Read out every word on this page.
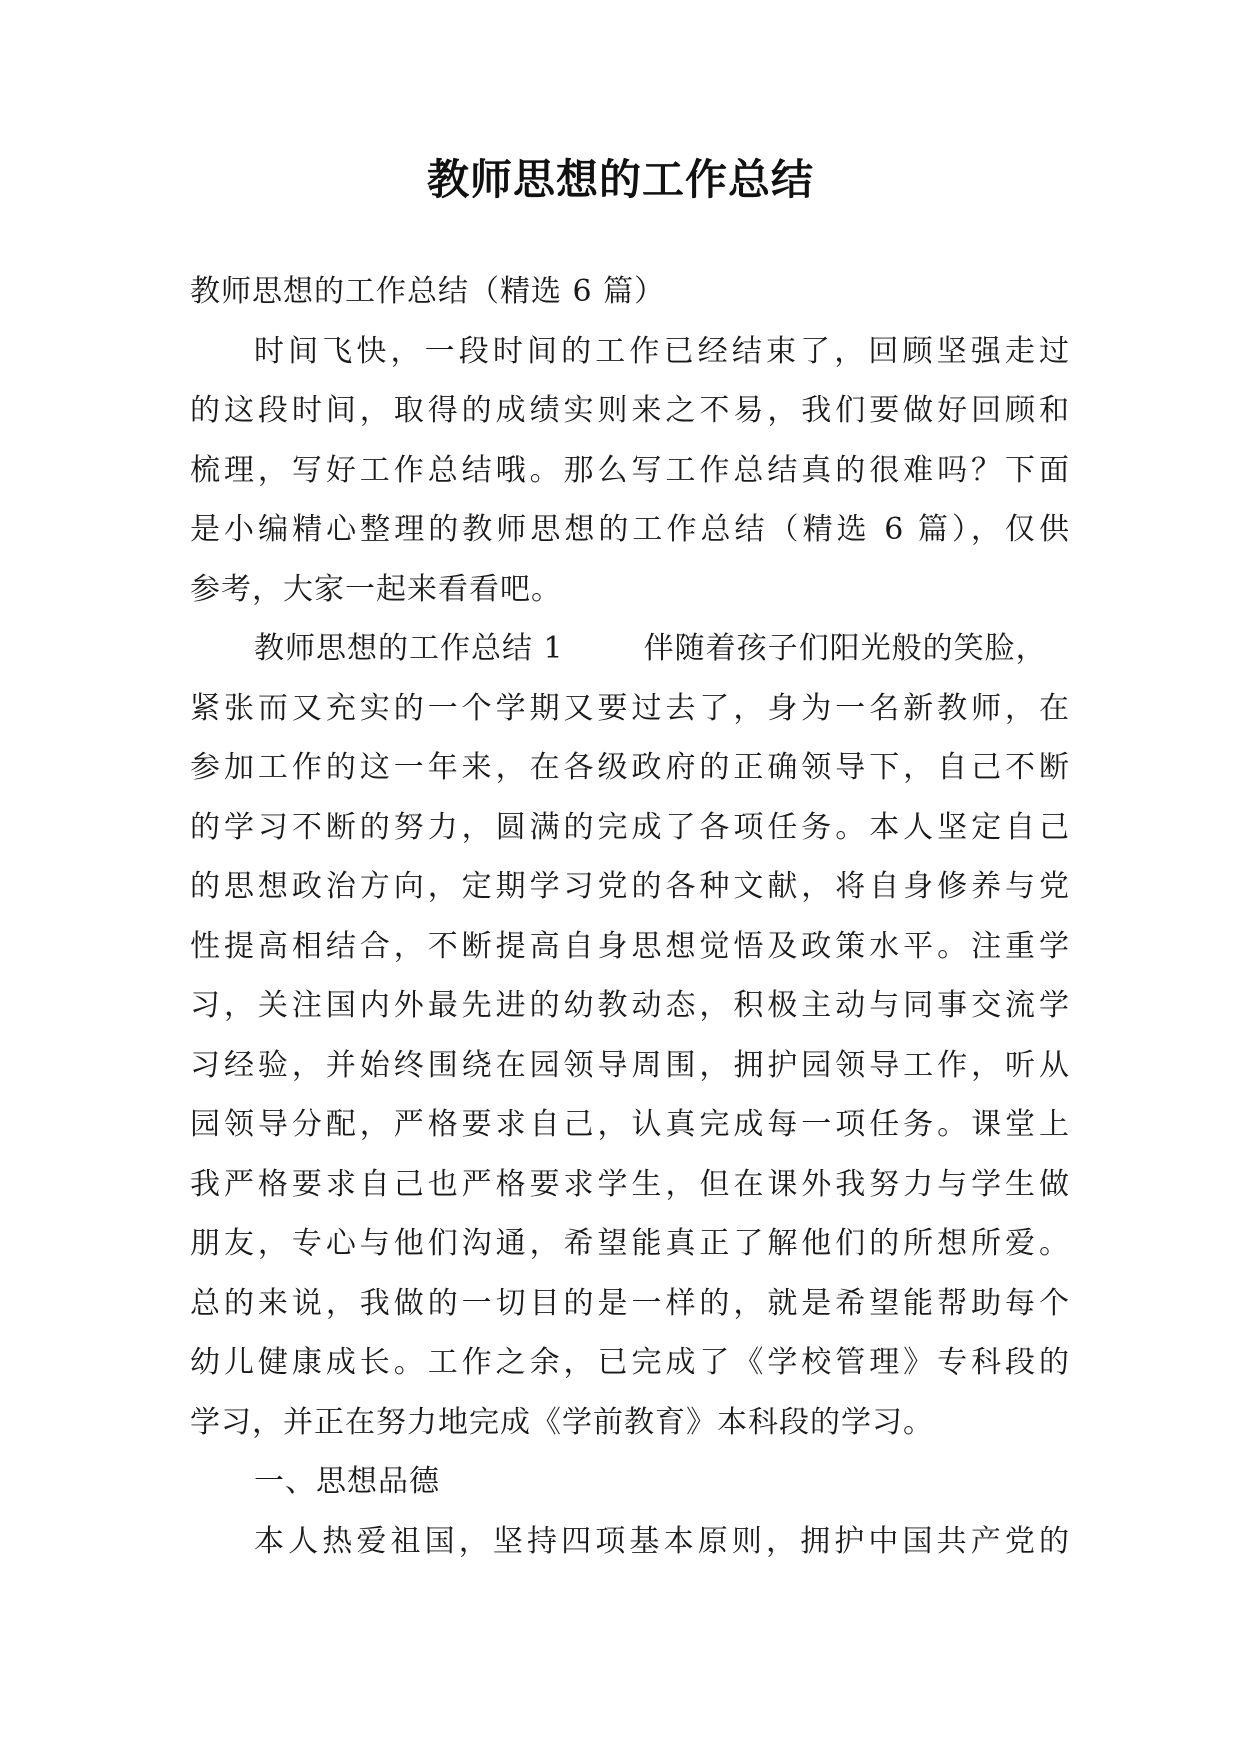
教师思想的工作总结
教师思想的工作总结（精选 6 篇）
时间飞快，一段时间的工作已经结束了，回顾坚强走过
的这段时间，取得的成绩实则来之不易，我们要做好回顾和
梳理，写好工作总结哦。那么写工作总结真的很难吗？下面
是小编精心整理的教师思想的工作总结（精选 6 篇），仅供
参考，大家一起来看看吧。
教师思想的工作总结 1	伴随着孩子们阳光般的笑脸，
紧张而又充实的一个学期又要过去了，身为一名新教师，在
参加工作的这一年来，在各级政府的正确领导下，自己不断
的学习不断的努力，圆满的完成了各项任务。本人坚定自己
的思想政治方向，定期学习党的各种文献，将自身修养与党
性提高相结合，不断提高自身思想觉悟及政策水平。注重学
习，关注国内外最先进的幼教动态，积极主动与同事交流学
习经验，并始终围绕在园领导周围，拥护园领导工作，听从
园领导分配，严格要求自己，认真完成每一项任务。课堂上
我严格要求自己也严格要求学生，但在课外我努力与学生做
朋友，专心与他们沟通，希望能真正了解他们的所想所爱。
总的来说，我做的一切目的是一样的，就是希望能帮助每个
幼儿健康成长。工作之余，已完成了《学校管理》专科段的
学习，并正在努力地完成《学前教育》本科段的学习。
一、思想品德
本人热爱祖国，坚持四项基本原则，拥护中国共产党的
